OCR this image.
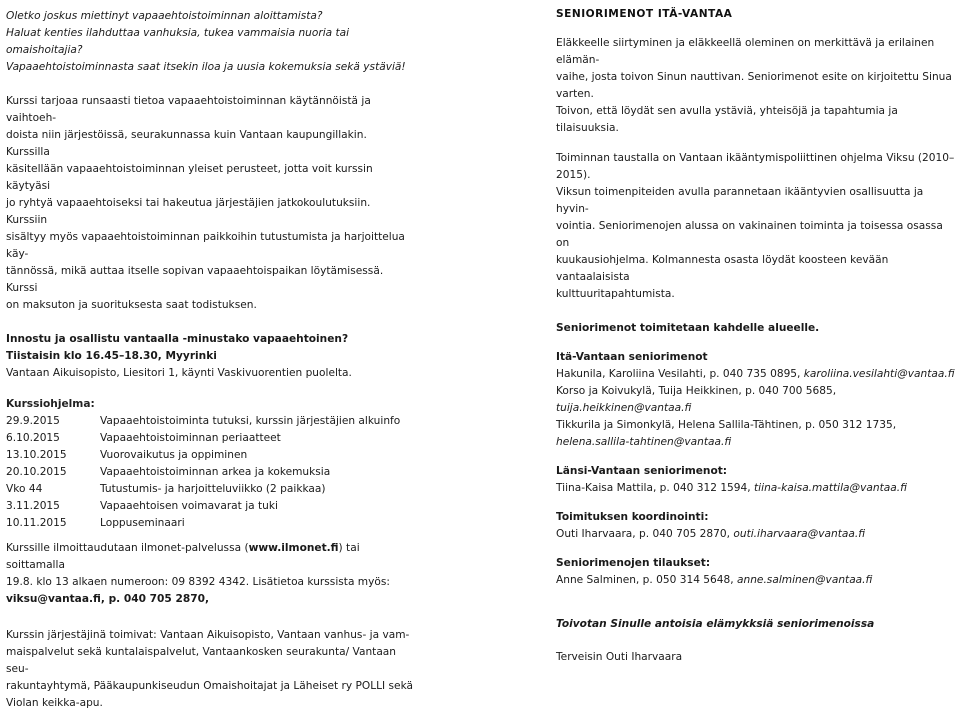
Oletko joskus miettinyt vapaaehtoistoiminnan aloittamista?

Haluat kenties ilahduttaa vanhuksia, tukea vammaisia nuoria tai omaishoitajia?

Vapaaehtoistoiminnasta saat itsekin iloa ja uusia kokemuksia sekä ystäviä!

Kurssi tarjoaa runsaasti tietoa vapaaehtoistoiminnan käytännöistä ja vaihtoeh-
doista niin järjestöissä, seurakunnassa kuin Vantaan kaupungillakin. Kurssilla
käsitellään vapaaehtoistoiminnan yleiset perusteet, jotta voit kurssin käytyäsi
jo ryhtyä vapaaehtoiseksi tai hakeutua järjestäjien jatkokoulutuksiin. Kurssiin
sisältyy myös vapaaehtoistoiminnan paikkoihin tutustumista ja harjoittelua käy-
tännössä, mikä auttaa itselle sopivan vapaaehtoispaikan löytämisessä. Kurssi
on maksuton ja suorituksesta saat todistuksen.
Innostu ja osallistu vantaalla -minustako vapaaehtoinen?
Tiistaisin klo 16.45–18.30, Myyrinki
Vantaan Aikuisopisto, Liesitori 1, käynti Vaskivuorentien puolelta.
Kurssiohjelma:
29.9.2015	Vapaaehtoistoiminta tutuksi, kurssin järjestäjien alkuinfo
6.10.2015	Vapaaehtoistoiminnan periaatteet
13.10.2015	Vuorovaikutus ja oppiminen
20.10.2015	Vapaaehtoistoiminnan arkea ja kokemuksia
Vko 44	Tutustumis- ja harjoitteluviikko (2 paikkaa)
3.11.2015	Vapaaehtoisen voimavarat ja tuki
10.11.2015	Loppuseminaari
Kurssille ilmoittaudutaan ilmonet-palvelussa (www.ilmonet.fi) tai soittamalla
19.8. klo 13 alkaen numeroon: 09 8392 4342. Lisätietoa kurssista myös:
viksu@vantaa.fi, p. 040 705 2870,
Kurssin järjestäjinä toimivat: Vantaan Aikuisopisto, Vantaan vanhus- ja vam-
maispalvelut sekä kuntalaispalvelut, Vantaankosken seurakunta/ Vantaan seu-
rakuntayhtymä, Pääkaupunkiseudun Omaishoitajat ja Läheiset ry POLLI sekä
Violan keikka-apu.
SENIORIMENOT ITÄ-VANTAA
Eläkkeelle siirtyminen ja eläkkeellä oleminen on merkittävä ja erilainen elämän-
vaihe, josta toivon Sinun nauttivan. Seniorimenot esite on kirjoitettu Sinua varten.
Toivon, että löydät sen avulla ystäviä, yhteisöjä ja tapahtumia ja tilaisuuksia.
Toiminnan taustalla on Vantaan ikääntymispoliittinen ohjelma Viksu (2010–2015).
Viksun toimenpiteiden avulla parannetaan ikääntyvien osallisuutta ja hyvin-
vointia. Seniorimenojen alussa on vakinainen toiminta ja toisessa osassa on
kuukausiohjelma. Kolmannesta osasta löydät koosteen kevään vantaalaisista
kulttuuritapahtumista.
Seniorimenot toimitetaan kahdelle alueelle.
Itä-Vantaan seniorimenot
Hakunila, Karoliina Vesilahti, p. 040 735 0895, karoliina.vesilahti@vantaa.fi
Korso ja Koivukylä, Tuija Heikkinen, p. 040 700 5685, tuija.heikkinen@vantaa.fi
Tikkurila ja Simonkylä, Helena Sallila-Tähtinen, p. 050 312 1735,
helena.sallila-tahtinen@vantaa.fi
Länsi-Vantaan seniorimenot:
Tiina-Kaisa Mattila, p. 040 312 1594, tiina-kaisa.mattila@vantaa.fi
Toimituksen koordinointi:
Outi Iharvaara, p. 040 705 2870, outi.iharvaara@vantaa.fi
Seniorimenojen tilaukset:
Anne Salminen, p. 050 314 5648, anne.salminen@vantaa.fi
Toivotan Sinulle antoisia elämykksiä seniorimenoissa
Terveisin Outi Iharvaara
